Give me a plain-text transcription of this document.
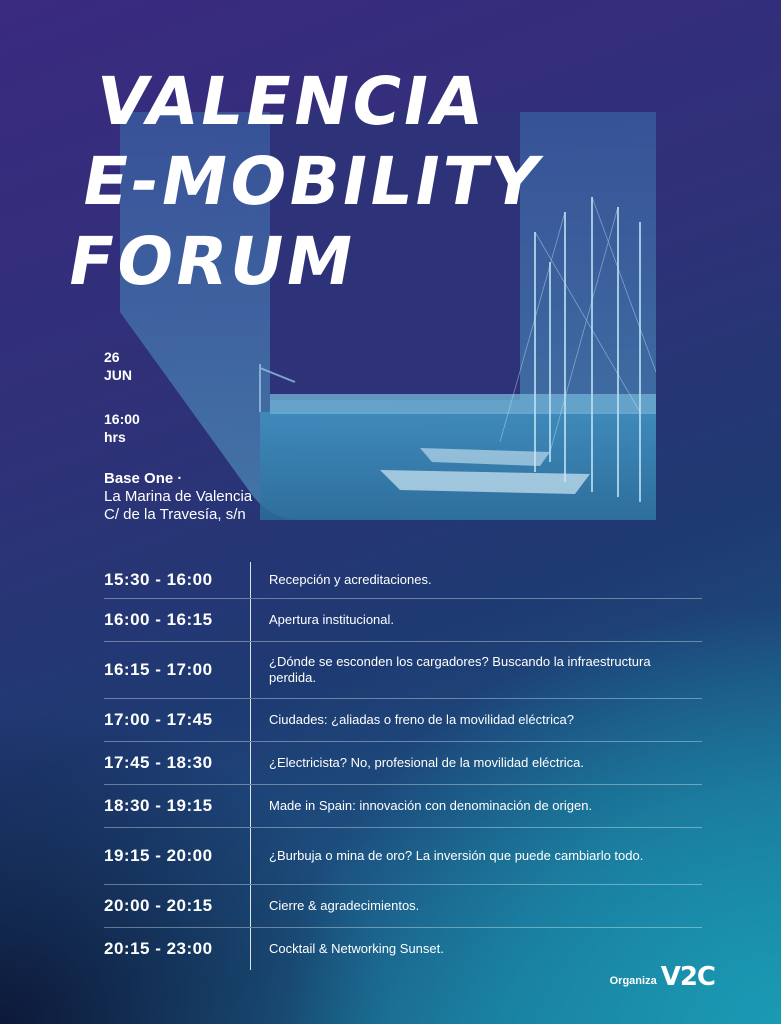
VALENCIA
E-MOBILITY
FORUM
26
JUN
16:00
hrs
Base One ·
La Marina de Valencia
C/ de la Travesía, s/n
15:30 - 16:00	Recepción y acreditaciones.
16:00 - 16:15	Apertura institucional.
16:15 - 17:00	¿Dónde se esconden los cargadores? Buscando la infraestructura perdida.
17:00 - 17:45	Ciudades: ¿aliadas o freno de la movilidad eléctrica?
17:45 - 18:30	¿Electricista? No, profesional de la movilidad eléctrica.
18:30 - 19:15	Made in Spain: innovación con denominación de origen.
19:15 - 20:00	¿Burbuja o mina de oro? La inversión que puede cambiarlo todo.
20:00 - 20:15	Cierre & agradecimientos.
20:15 - 23:00	Cocktail & Networking Sunset.
Organiza V2C
